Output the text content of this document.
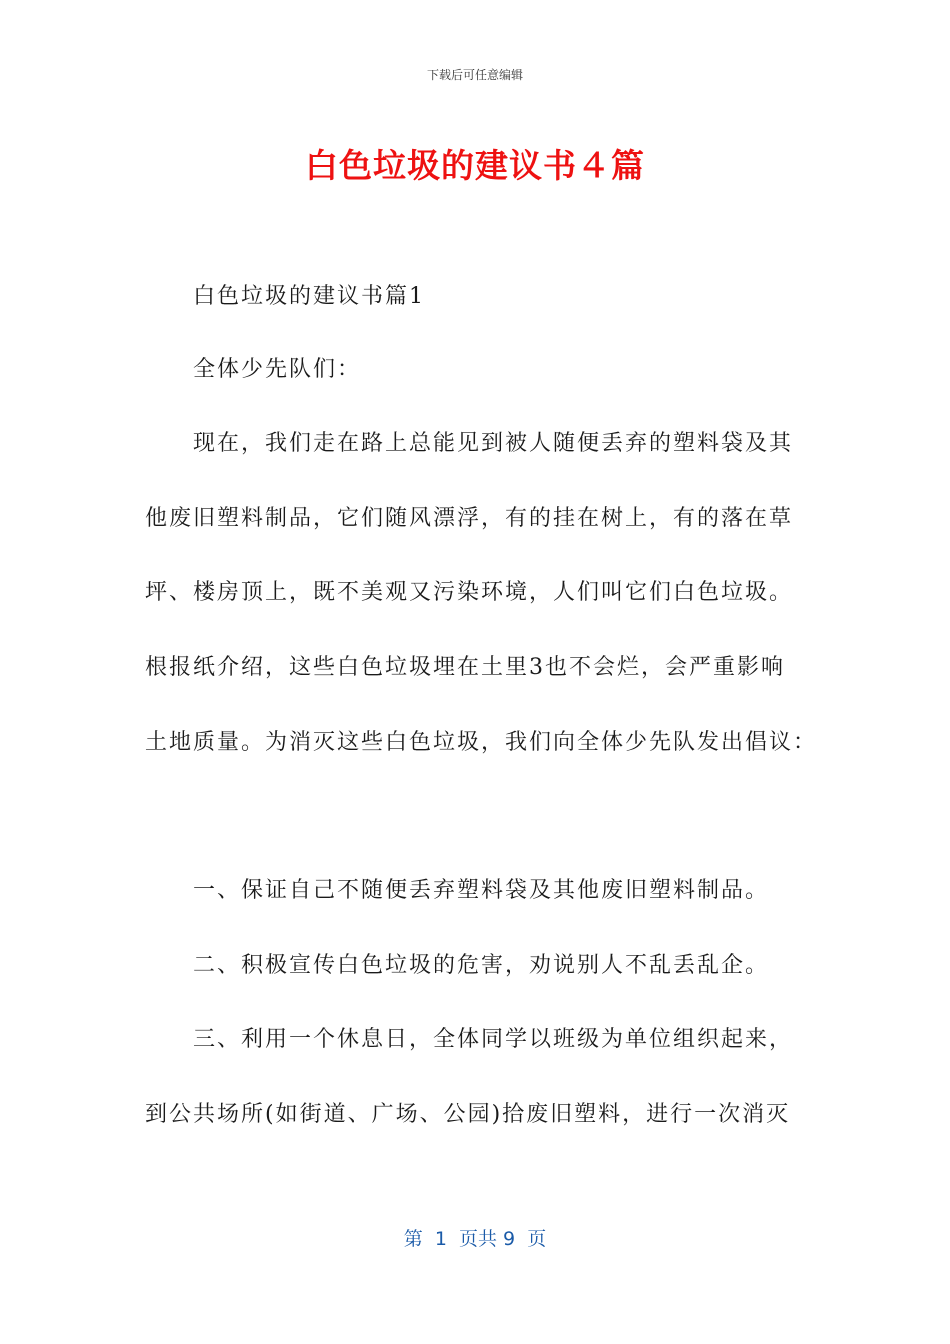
下载后可任意编辑
白色垃圾的建议书４篇
白色垃圾的建议书篇1
全体少先队们：
现在，我们走在路上总能见到被人随便丢弃的塑料袋及其
他废旧塑料制品，它们随风漂浮，有的挂在树上，有的落在草
坪、楼房顶上，既不美观又污染环境，人们叫它们白色垃圾。
根报纸介绍，这些白色垃圾埋在土里3也不会烂，会严重影响
土地质量。为消灭这些白色垃圾，我们向全体少先队发出倡议：
一、保证自己不随便丢弃塑料袋及其他废旧塑料制品。
二、积极宣传白色垃圾的危害，劝说别人不乱丢乱企。
三、利用一个休息日，全体同学以班级为单位组织起来，
到公共场所(如街道、广场、公园)拾废旧塑料，进行一次消灭
第  1  页共 9  页
